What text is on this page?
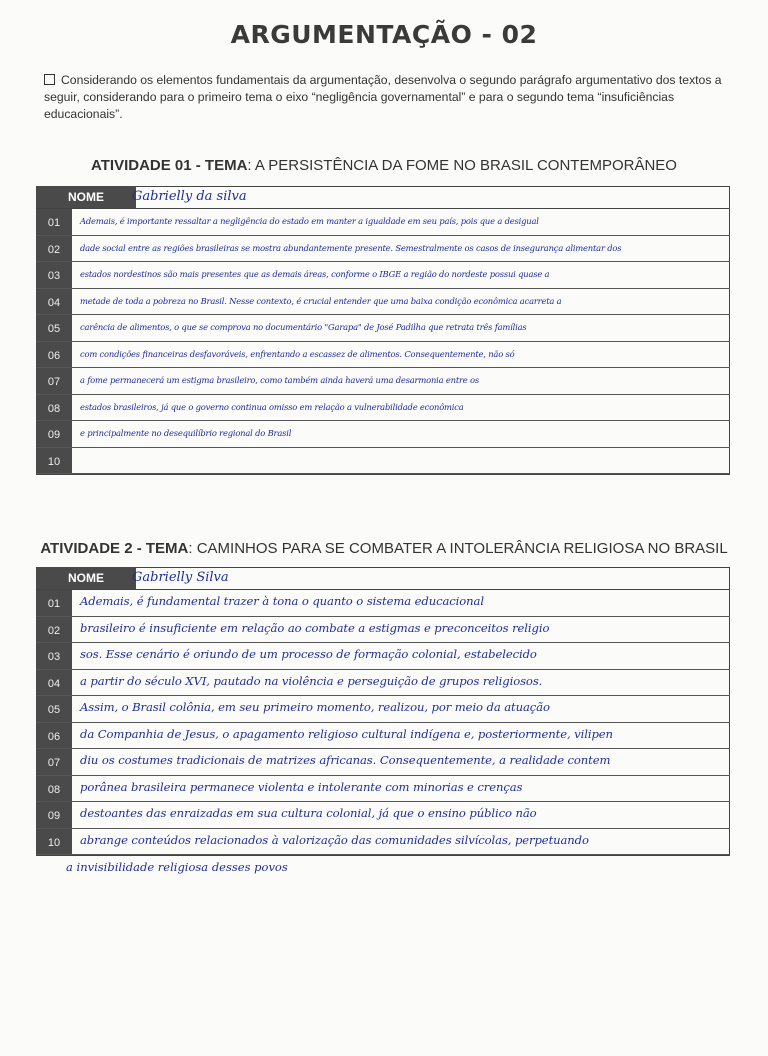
ARGUMENTAÇÃO - 02
Considerando os elementos fundamentais da argumentação, desenvolva o segundo parágrafo argumentativo dos textos a seguir, considerando para o primeiro tema o eixo “negligência governamental” e para o segundo tema “insuficiências educacionais”.
ATIVIDADE 01 - TEMA: A PERSISTÊNCIA DA FOME NO BRASIL CONTEMPORÂNEO
NOME	Gabrielly da silva
01	Ademais, é importante ressaltar a negligência do estado em manter a igualdade em seu país, pois que a desigual
02	dade social entre as regiões brasileiras se mostra abundantemente presente. Semestralmente os casos de insegurança alimentar dos
03	estados nordestinos são mais presentes que as demais áreas, conforme o IBGE a região do nordeste possui quase a
04	metade de toda a pobreza no Brasil. Nesse contexto, é crucial entender que uma baixa condição econômica acarreta a
05	carência de alimentos, o que se comprova no documentário "Garapa" de José Padilha que retrata três famílias
06	com condições financeiras desfavoráveis, enfrentando a escassez de alimentos. Consequentemente, não só
07	a fome permanecerá um estigma brasileiro, como também ainda haverá uma desarmonia entre os
08	estados brasileiros, já que o governo continua omisso em relação a vulnerabilidade econômica
09	e principalmente no desequilíbrio regional do Brasil
10
ATIVIDADE 2 - TEMA: CAMINHOS PARA SE COMBATER A INTOLERÂNCIA RELIGIOSA NO BRASIL
NOME	Gabrielly Silva
01	Ademais, é fundamental trazer à tona o quanto o sistema educacional
02	brasileiro é insuficiente em relação ao combate a estigmas e preconceitos religio
03	sos. Esse cenário é oriundo de um processo de formação colonial, estabelecido
04	a partir do século XVI, pautado na violência e perseguição de grupos religiosos.
05	Assim, o Brasil colônia, em seu primeiro momento, realizou, por meio da atuação
06	da Companhia de Jesus, o apagamento religioso cultural indígena e, posteriormente, vilipen
07	diu os costumes tradicionais de matrizes africanas. Consequentemente, a realidade contem
08	porânea brasileira permanece violenta e intolerante com minorias e crenças
09	destoantes das enraizadas em sua cultura colonial, já que o ensino público não
10	abrange conteúdos relacionados à valorização das comunidades silvícolas, perpetuando
a invisibilidade religiosa desses povos
